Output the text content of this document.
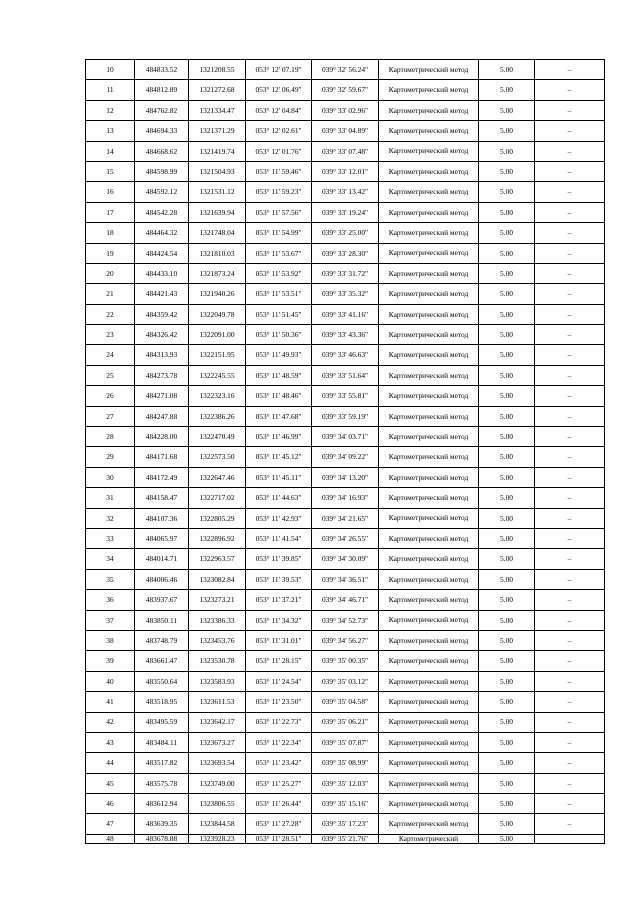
10	484833.52	1321208.55	053° 12' 07.19"	039° 32' 56.24"	Картометрический метод	5.00	–
11	484812.89	1321272.68	053° 12' 06.49"	039° 32' 59.67"	Картометрический метод	5.00	–
12	484762.82	1321334.47	053° 12' 04.84"	039° 33' 02.96"	Картометрический метод	5.00	–
13	484694.33	1321371.29	053° 12' 02.61"	039° 33' 04.89"	Картометрический метод	5.00	–
14	484668.62	1321419.74	053° 12' 01.76"	039° 33' 07.48"	Картометрический метод	5.00	–
15	484598.99	1321504.93	053° 11' 59.46"	039° 33' 12.01"	Картометрический метод	5.00	–
16	484592.12	1321531.12	053° 11' 59.23"	039° 33' 13.42"	Картометрический метод	5.00	–
17	484542.28	1321639.94	053° 11' 57.56"	039° 33' 19.24"	Картометрический метод	5.00	–
18	484464.32	1321748.04	053° 11' 54.99"	039° 33' 25.00"	Картометрический метод	5.00	–
19	484424.54	1321810.03	053° 11' 53.67"	039° 33' 28.30"	Картометрический метод	5.00	–
20	484433.10	1321873.24	053° 11' 53.92"	039° 33' 31.72"	Картометрический метод	5.00	–
21	484421.43	1321940.26	053° 11' 53.51"	039° 33' 35.32"	Картометрический метод	5.00	–
22	484359.42	1322049.78	053° 11' 51.45"	039° 33' 41.16"	Картометрический метод	5.00	–
23	484326.42	1322091.00	053° 11' 50.36"	039° 33' 43.36"	Картометрический метод	5.00	–
24	484313.93	1322151.95	053° 11' 49.93"	039° 33' 46.63"	Картометрический метод	5.00	–
25	484273.78	1322245.55	053° 11' 48.59"	039° 33' 51.64"	Картометрический метод	5.00	–
26	484271.08	1322323.16	053° 11' 48.46"	039° 33' 55.81"	Картометрический метод	5.00	–
27	484247.88	1322386.26	053° 11' 47.68"	039° 33' 59.19"	Картометрический метод	5.00	–
28	484228.00	1322470.49	053° 11' 46.99"	039° 34' 03.71"	Картометрический метод	5.00	–
29	484171.68	1322573.50	053° 11' 45.12"	039° 34' 09.22"	Картометрический метод	5.00	–
30	484172.49	1322647.46	053° 11' 45.11"	039° 34' 13.20"	Картометрический метод	5.00	–
31	484158.47	1322717.02	053° 11' 44.63"	039° 34' 16.93"	Картометрический метод	5.00	–
32	484107.36	1322805.29	053° 11' 42.93"	039° 34' 21.65"	Картометрический метод	5.00	–
33	484065.97	1322896.92	053° 11' 41.54"	039° 34' 26.55"	Картометрический метод	5.00	–
34	484014.71	1322963.57	053° 11' 39.85"	039° 34' 30.09"	Картометрический метод	5.00	–
35	484006.46	1323082.84	053° 11' 39.53"	039° 34' 36.51"	Картометрический метод	5.00	–
36	483937.67	1323273.21	053° 11' 37.21"	039° 34' 46.71"	Картометрический метод	5.00	–
37	483850.11	1323386.33	053° 11' 34.32"	039° 34' 52.73"	Картометрический метод	5.00	–
38	483748.79	1323453.76	053° 11' 31.01"	039° 34' 56.27"	Картометрический метод	5.00	–
39	483661.47	1323530.78	053° 11' 28.15"	039° 35' 00.35"	Картометрический метод	5.00	–
40	483550.64	1323583.93	053° 11' 24.54"	039° 35' 03.12"	Картометрический метод	5.00	–
41	483518.95	1323611.53	053° 11' 23.50"	039° 35' 04.58"	Картометрический метод	5.00	–
42	483495.59	1323642.17	053° 11' 22.73"	039° 35' 06.21"	Картометрический метод	5.00	–
43	483484.11	1323673.27	053° 11' 22.34"	039° 35' 07.87"	Картометрический метод	5.00	–
44	483517.82	1323693.54	053° 11' 23.42"	039° 35' 08.99"	Картометрический метод	5.00	–
45	483575.78	1323749.00	053° 11' 25.27"	039° 35' 12.03"	Картометрический метод	5.00	–
46	483612.94	1323806.55	053° 11' 26.44"	039° 35' 15.16"	Картометрический метод	5.00	–
47	483639.35	1323844.58	053° 11' 27.28"	039° 35' 17.23"	Картометрический метод	5.00	–
48	483678.88	1323928.23	053° 11' 28.51"	039° 35' 21.76"	Картометрический	5.00	
